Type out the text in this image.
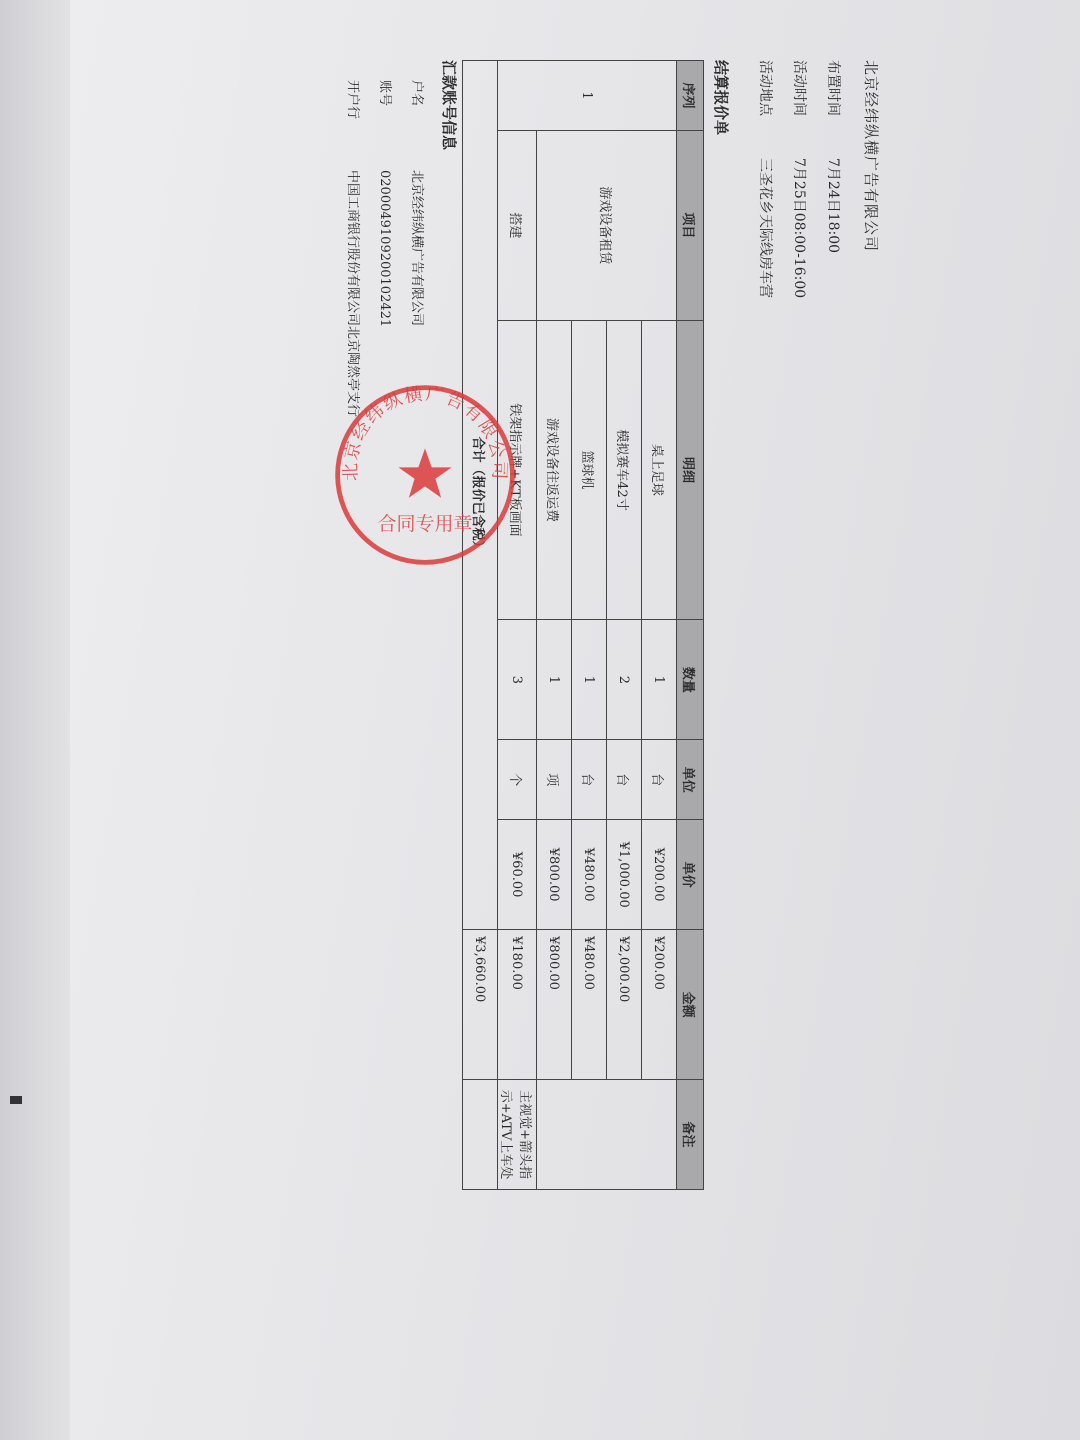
北京经纬纵横广告有限公司
布置时间7月24日18:00
活动时间7月25日08:00-16:00
活动地点三圣花乡天际线房车营
结算报价单
序列	项目	明细	数量	单位	单价	金额	备注
1	游戏设备租赁	桌上足球	1	台	¥200.00	¥200.00	
		模拟赛车42寸	2	台	¥1,000.00	¥2,000.00	
		篮球机	1	台	¥480.00	¥480.00	
		游戏设备往返运费	1	项	¥800.00	¥800.00	
	搭建	铁架指示牌+KT板画面	3	个	¥60.00	¥180.00	主视觉+箭头指示+ATV上车处
合计（报价已含税）						¥3,660.00	
汇款账号信息
户名北京经纬纵横广告有限公司
账号0200049109200102421
开户行中国工商银行股份有限公司北京陶然亭支行
北京经纬纵横广告有限公司
合同专用章
